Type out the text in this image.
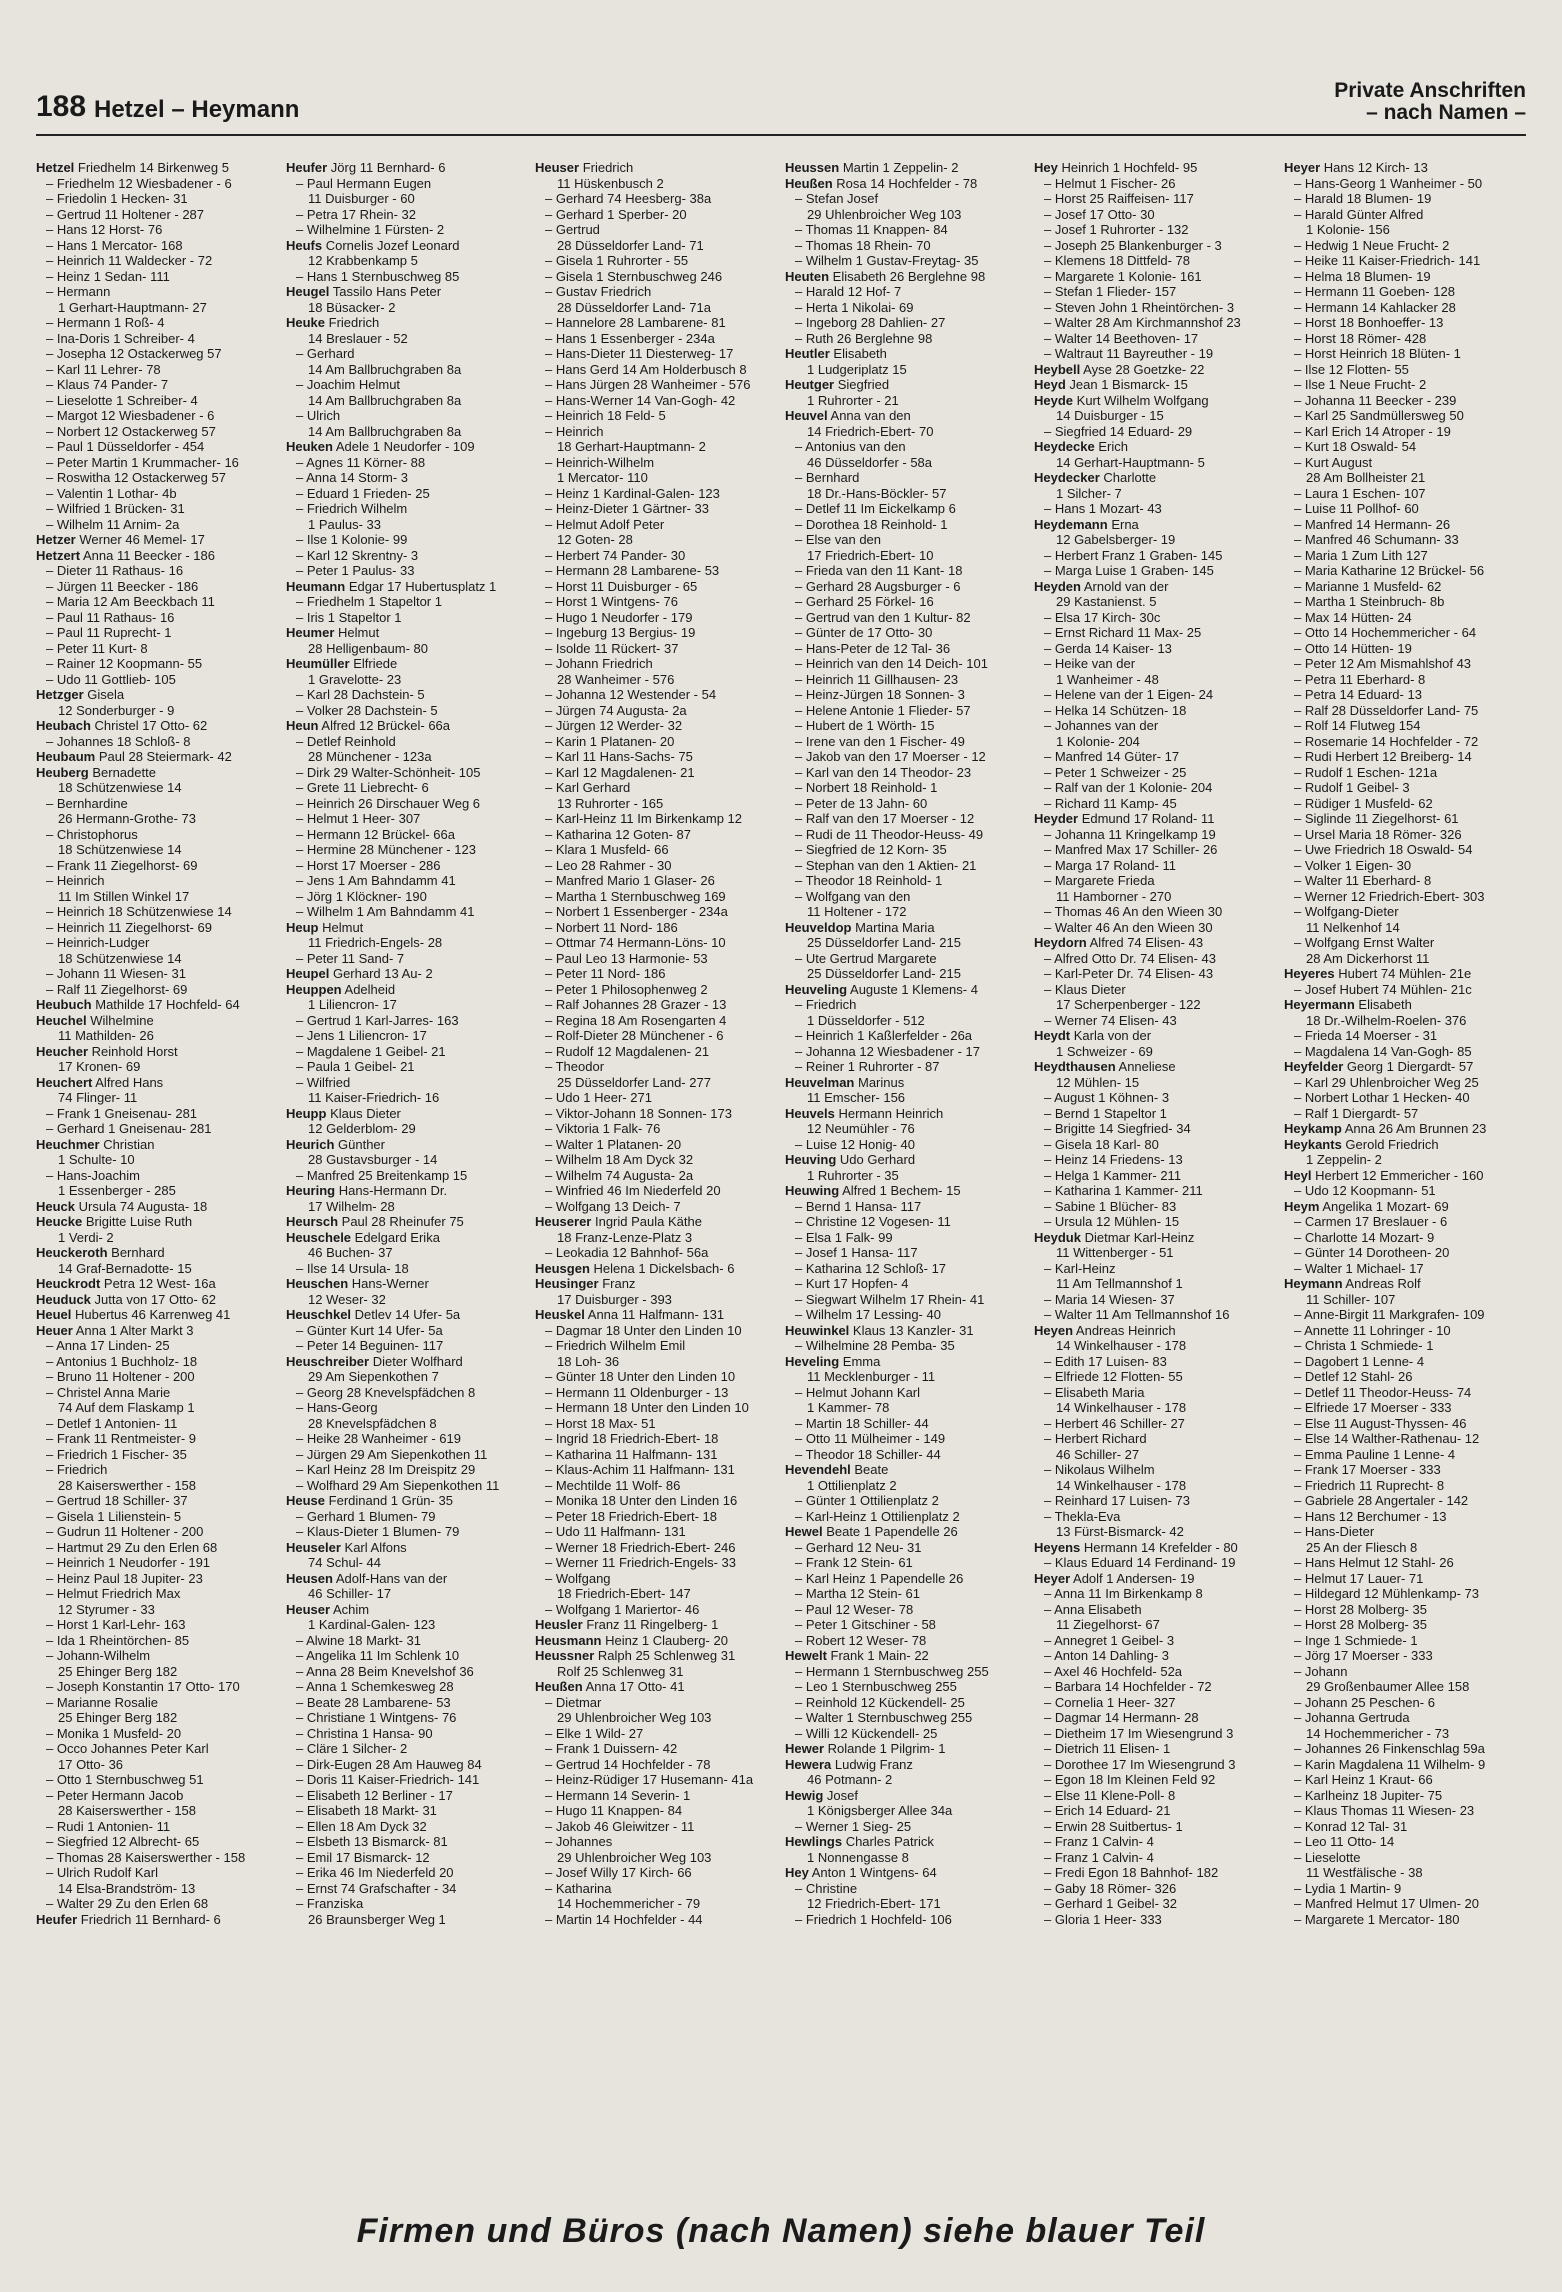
188 Hetzel – Heymann
Private Anschriften
– nach Namen –
Hetzel Friedhelm 14 Birkenweg 5
– Friedhelm 12 Wiesbadener - 6
– Friedolin 1 Hecken- 31
– Gertrud 11 Holtener - 287
– Hans 12 Horst- 76
– Hans 1 Mercator- 168
– Heinrich 11 Waldecker - 72
– Heinz 1 Sedan- 111
– Hermann
1 Gerhart-Hauptmann- 27
– Hermann 1 Roß- 4
– Ina-Doris 1 Schreiber- 4
– Josepha 12 Ostackerweg 57
– Karl 11 Lehrer- 78
– Klaus 74 Pander- 7
– Lieselotte 1 Schreiber- 4
– Margot 12 Wiesbadener - 6
– Norbert 12 Ostackerweg 57
– Paul 1 Düsseldorfer - 454
– Peter Martin 1 Krummacher- 16
– Roswitha 12 Ostackerweg 57
– Valentin 1 Lothar- 4b
– Wilfried 1 Brücken- 31
– Wilhelm 11 Arnim- 2a
Hetzer Werner 46 Memel- 17
Hetzert Anna 11 Beecker - 186
– Dieter 11 Rathaus- 16
– Jürgen 11 Beecker - 186
– Maria 12 Am Beeckbach 11
– Paul 11 Rathaus- 16
– Paul 11 Ruprecht- 1
– Peter 11 Kurt- 8
– Rainer 12 Koopmann- 55
– Udo 11 Gottlieb- 105
Hetzger Gisela
12 Sonderburger - 9
Heubach Christel 17 Otto- 62
– Johannes 18 Schloß- 8
Heubaum Paul 28 Steiermark- 42
Heuberg Bernadette
18 Schützenwiese 14
– Bernhardine
26 Hermann-Grothe- 73
– Christophorus
18 Schützenwiese 14
– Frank 11 Ziegelhorst- 69
– Heinrich
11 Im Stillen Winkel 17
– Heinrich 18 Schützenwiese 14
– Heinrich 11 Ziegelhorst- 69
– Heinrich-Ludger
18 Schützenwiese 14
– Johann 11 Wiesen- 31
– Ralf 11 Ziegelhorst- 69
Heubuch Mathilde 17 Hochfeld- 64
Heuchel Wilhelmine
11 Mathilden- 26
Heucher Reinhold Horst
17 Kronen- 69
Heuchert Alfred Hans
74 Flinger- 11
– Frank 1 Gneisenau- 281
– Gerhard 1 Gneisenau- 281
Heuchmer Christian
1 Schulte- 10
– Hans-Joachim
1 Essenberger - 285
Heuck Ursula 74 Augusta- 18
Heucke Brigitte Luise Ruth
1 Verdi- 2
Heuckeroth Bernhard
14 Graf-Bernadotte- 15
Heuckrodt Petra 12 West- 16a
Heuduck Jutta von 17 Otto- 62
Heuel Hubertus 46 Karrenweg 41
Heuer Anna 1 Alter Markt 3
– Anna 17 Linden- 25
– Antonius 1 Buchholz- 18
– Bruno 11 Holtener - 200
– Christel Anna Marie
74 Auf dem Flaskamp 1
– Detlef 1 Antonien- 11
– Frank 11 Rentmeister- 9
– Friedrich 1 Fischer- 35
– Friedrich
28 Kaiserswerther - 158
– Gertrud 18 Schiller- 37
– Gisela 1 Lilienstein- 5
– Gudrun 11 Holtener - 200
– Hartmut 29 Zu den Erlen 68
– Heinrich 1 Neudorfer - 191
– Heinz Paul 18 Jupiter- 23
– Helmut Friedrich Max
12 Styrumer - 33
– Horst 1 Karl-Lehr- 163
– Ida 1 Rheintörchen- 85
– Johann-Wilhelm
25 Ehinger Berg 182
– Joseph Konstantin 17 Otto- 170
– Marianne Rosalie
25 Ehinger Berg 182
– Monika 1 Musfeld- 20
– Occo Johannes Peter Karl
17 Otto- 36
– Otto 1 Sternbuschweg 51
– Peter Hermann Jacob
28 Kaiserswerther - 158
– Rudi 1 Antonien- 11
– Siegfried 12 Albrecht- 65
– Thomas 28 Kaiserswerther - 158
– Ulrich Rudolf Karl
14 Elsa-Brandström- 13
– Walter 29 Zu den Erlen 68
Heufer Friedrich 11 Bernhard- 6
Heufer Jörg 11 Bernhard- 6
– Paul Hermann Eugen
11 Duisburger - 60
– Petra 17 Rhein- 32
– Wilhelmine 1 Fürsten- 2
Heufs Cornelis Jozef Leonard
12 Krabbenkamp 5
– Hans 1 Sternbuschweg 85
Heugel Tassilo Hans Peter
18 Büsacker- 2
Heuke Friedrich
14 Breslauer - 52
– Gerhard
14 Am Ballbruchgraben 8a
– Joachim Helmut
14 Am Ballbruchgraben 8a
– Ulrich
14 Am Ballbruchgraben 8a
Heuken Adele 1 Neudorfer - 109
– Agnes 11 Körner- 88
– Anna 14 Storm- 3
– Eduard 1 Frieden- 25
– Friedrich Wilhelm
1 Paulus- 33
– Ilse 1 Kolonie- 99
– Karl 12 Skrentny- 3
– Peter 1 Paulus- 33
Heumann Edgar 17 Hubertusplatz 1
– Friedhelm 1 Stapeltor 1
– Iris 1 Stapeltor 1
Heumer Helmut
28 Helligenbaum- 80
Heumüller Elfriede
1 Gravelotte- 23
– Karl 28 Dachstein- 5
– Volker 28 Dachstein- 5
Heun Alfred 12 Brückel- 66a
– Detlef Reinhold
28 Münchener - 123a
– Dirk 29 Walter-Schönheit- 105
– Grete 11 Liebrecht- 6
– Heinrich 26 Dirschauer Weg 6
– Helmut 1 Heer- 307
– Hermann 12 Brückel- 66a
– Hermine 28 Münchener - 123
– Horst 17 Moerser - 286
– Jens 1 Am Bahndamm 41
– Jörg 1 Klöckner- 190
– Wilhelm 1 Am Bahndamm 41
Heup Helmut
11 Friedrich-Engels- 28
– Peter 11 Sand- 7
Heupel Gerhard 13 Au- 2
Heuppen Adelheid
1 Liliencron- 17
– Gertrud 1 Karl-Jarres- 163
– Jens 1 Liliencron- 17
– Magdalene 1 Geibel- 21
– Paula 1 Geibel- 21
– Wilfried
11 Kaiser-Friedrich- 16
Heupp Klaus Dieter
12 Gelderblom- 29
Heurich Günther
28 Gustavsburger - 14
– Manfred 25 Breitenkamp 15
Heuring Hans-Hermann Dr.
17 Wilhelm- 28
Heursch Paul 28 Rheinufer 75
Heuschele Edelgard Erika
46 Buchen- 37
– Ilse 14 Ursula- 18
Heuschen Hans-Werner
12 Weser- 32
Heuschkel Detlev 14 Ufer- 5a
– Günter Kurt 14 Ufer- 5a
– Peter 14 Beguinen- 117
Heuschreiber Dieter Wolfhard
29 Am Siepenkothen 7
– Georg 28 Knevelspfädchen 8
– Hans-Georg
28 Knevelspfädchen 8
– Heike 28 Wanheimer - 619
– Jürgen 29 Am Siepenkothen 11
– Karl Heinz 28 Im Dreispitz 29
– Wolfhard 29 Am Siepenkothen 11
Heuse Ferdinand 1 Grün- 35
– Gerhard 1 Blumen- 79
– Klaus-Dieter 1 Blumen- 79
Heuseler Karl Alfons
74 Schul- 44
Heusen Adolf-Hans van der
46 Schiller- 17
Heuser Achim
1 Kardinal-Galen- 123
– Alwine 18 Markt- 31
– Angelika 11 Im Schlenk 10
– Anna 28 Beim Knevelshof 36
– Anna 1 Schemkesweg 28
– Beate 28 Lambarene- 53
– Christiane 1 Wintgens- 76
– Christina 1 Hansa- 90
– Cläre 1 Silcher- 2
– Dirk-Eugen 28 Am Hauweg 84
– Doris 11 Kaiser-Friedrich- 141
– Elisabeth 12 Berliner - 17
– Elisabeth 18 Markt- 31
– Ellen 18 Am Dyck 32
– Elsbeth 13 Bismarck- 81
– Emil 17 Bismarck- 12
– Erika 46 Im Niederfeld 20
– Ernst 74 Grafschafter - 34
– Franziska
26 Braunsberger Weg 1
Heuser Friedrich
11 Hüskenbusch 2
– Gerhard 74 Heesberg- 38a
– Gerhard 1 Sperber- 20
– Gertrud
28 Düsseldorfer Land- 71
– Gisela 1 Ruhrorter - 55
– Gisela 1 Sternbuschweg 246
– Gustav Friedrich
28 Düsseldorfer Land- 71a
– Hannelore 28 Lambarene- 81
– Hans 1 Essenberger - 234a
– Hans-Dieter 11 Diesterweg- 17
– Hans Gerd 14 Am Holderbusch 8
– Hans Jürgen 28 Wanheimer - 576
– Hans-Werner 14 Van-Gogh- 42
– Heinrich 18 Feld- 5
– Heinrich
18 Gerhart-Hauptmann- 2
– Heinrich-Wilhelm
1 Mercator- 110
– Heinz 1 Kardinal-Galen- 123
– Heinz-Dieter 1 Gärtner- 33
– Helmut Adolf Peter
12 Goten- 28
– Herbert 74 Pander- 30
– Hermann 28 Lambarene- 53
– Horst 11 Duisburger - 65
– Horst 1 Wintgens- 76
– Hugo 1 Neudorfer - 179
– Ingeburg 13 Bergius- 19
– Isolde 11 Rückert- 37
– Johann Friedrich
28 Wanheimer - 576
– Johanna 12 Westender - 54
– Jürgen 74 Augusta- 2a
– Jürgen 12 Werder- 32
– Karin 1 Platanen- 20
– Karl 11 Hans-Sachs- 75
– Karl 12 Magdalenen- 21
– Karl Gerhard
13 Ruhrorter - 165
– Karl-Heinz 11 Im Birkenkamp 12
– Katharina 12 Goten- 87
– Klara 1 Musfeld- 66
– Leo 28 Rahmer - 30
– Manfred Mario 1 Glaser- 26
– Martha 1 Sternbuschweg 169
– Norbert 1 Essenberger - 234a
– Norbert 11 Nord- 186
– Ottmar 74 Hermann-Löns- 10
– Paul Leo 13 Harmonie- 53
– Peter 11 Nord- 186
– Peter 1 Philosophenweg 2
– Ralf Johannes 28 Grazer - 13
– Regina 18 Am Rosengarten 4
– Rolf-Dieter 28 Münchener - 6
– Rudolf 12 Magdalenen- 21
– Theodor
25 Düsseldorfer Land- 277
– Udo 1 Heer- 271
– Viktor-Johann 18 Sonnen- 173
– Viktoria 1 Falk- 76
– Walter 1 Platanen- 20
– Wilhelm 18 Am Dyck 32
– Wilhelm 74 Augusta- 2a
– Winfried 46 Im Niederfeld 20
– Wolfgang 13 Deich- 7
Heuserer Ingrid Paula Käthe
18 Franz-Lenze-Platz 3
– Leokadia 12 Bahnhof- 56a
Heusgen Helena 1 Dickelsbach- 6
Heusinger Franz
17 Duisburger - 393
Heuskel Anna 11 Halfmann- 131
– Dagmar 18 Unter den Linden 10
– Friedrich Wilhelm Emil
18 Loh- 36
– Günter 18 Unter den Linden 10
– Hermann 11 Oldenburger - 13
– Hermann 18 Unter den Linden 10
– Horst 18 Max- 51
– Ingrid 18 Friedrich-Ebert- 18
– Katharina 11 Halfmann- 131
– Klaus-Achim 11 Halfmann- 131
– Mechtilde 11 Wolf- 86
– Monika 18 Unter den Linden 16
– Peter 18 Friedrich-Ebert- 18
– Udo 11 Halfmann- 131
– Werner 18 Friedrich-Ebert- 246
– Werner 11 Friedrich-Engels- 33
– Wolfgang
18 Friedrich-Ebert- 147
– Wolfgang 1 Mariertor- 46
Heusler Franz 11 Ringelberg- 1
Heusmann Heinz 1 Clauberg- 20
Heussner Ralph 25 Schlenweg 31
Rolf 25 Schlenweg 31
Heußen Anna 17 Otto- 41
– Dietmar
29 Uhlenbroicher Weg 103
– Elke 1 Wild- 27
– Frank 1 Duissern- 42
– Gertrud 14 Hochfelder - 78
– Heinz-Rüdiger 17 Husemann- 41a
– Hermann 14 Severin- 1
– Hugo 11 Knappen- 84
– Jakob 46 Gleiwitzer - 11
– Johannes
29 Uhlenbroicher Weg 103
– Josef Willy 17 Kirch- 66
– Katharina
14 Hochemmericher - 79
– Martin 14 Hochfelder - 44
Heussen Martin 1 Zeppelin- 2
Heußen Rosa 14 Hochfelder - 78
– Stefan Josef
29 Uhlenbroicher Weg 103
– Thomas 11 Knappen- 84
– Thomas 18 Rhein- 70
– Wilhelm 1 Gustav-Freytag- 35
Heuten Elisabeth 26 Berglehne 98
– Harald 12 Hof- 7
– Herta 1 Nikolai- 69
– Ingeborg 28 Dahlien- 27
– Ruth 26 Berglehne 98
Heutler Elisabeth
1 Ludgeriplatz 15
Heutger Siegfried
1 Ruhrorter - 21
Heuvel Anna van den
14 Friedrich-Ebert- 70
– Antonius van den
46 Düsseldorfer - 58a
– Bernhard
18 Dr.-Hans-Böckler- 57
– Detlef 11 Im Eickelkamp 6
– Dorothea 18 Reinhold- 1
– Else van den
17 Friedrich-Ebert- 10
– Frieda van den 11 Kant- 18
– Gerhard 28 Augsburger - 6
– Gerhard 25 Förkel- 16
– Gertrud van den 1 Kultur- 82
– Günter de 17 Otto- 30
– Hans-Peter de 12 Tal- 36
– Heinrich van den 14 Deich- 101
– Heinrich 11 Gillhausen- 23
– Heinz-Jürgen 18 Sonnen- 3
– Helene Antonie 1 Flieder- 57
– Hubert de 1 Wörth- 15
– Irene van den 1 Fischer- 49
– Jakob van den 17 Moerser - 12
– Karl van den 14 Theodor- 23
– Norbert 18 Reinhold- 1
– Peter de 13 Jahn- 60
– Ralf van den 17 Moerser - 12
– Rudi de 11 Theodor-Heuss- 49
– Siegfried de 12 Korn- 35
– Stephan van den 1 Aktien- 21
– Theodor 18 Reinhold- 1
– Wolfgang van den
11 Holtener - 172
Heuveldop Martina Maria
25 Düsseldorfer Land- 215
– Ute Gertrud Margarete
25 Düsseldorfer Land- 215
Heuveling Auguste 1 Klemens- 4
– Friedrich
1 Düsseldorfer - 512
– Heinrich 1 Kaßlerfelder - 26a
– Johanna 12 Wiesbadener - 17
– Reiner 1 Ruhrorter - 87
Heuvelman Marinus
11 Emscher- 156
Heuvels Hermann Heinrich
12 Neumühler - 76
– Luise 12 Honig- 40
Heuving Udo Gerhard
1 Ruhrorter - 35
Heuwing Alfred 1 Bechem- 15
– Bernd 1 Hansa- 117
– Christine 12 Vogesen- 11
– Elsa 1 Falk- 99
– Josef 1 Hansa- 117
– Katharina 12 Schloß- 17
– Kurt 17 Hopfen- 4
– Siegwart Wilhelm 17 Rhein- 41
– Wilhelm 17 Lessing- 40
Heuwinkel Klaus 13 Kanzler- 31
– Wilhelmine 28 Pemba- 35
Heveling Emma
11 Mecklenburger - 11
– Helmut Johann Karl
1 Kammer- 78
– Martin 18 Schiller- 44
– Otto 11 Mülheimer - 149
– Theodor 18 Schiller- 44
Hevendehl Beate
1 Ottilienplatz 2
– Günter 1 Ottilienplatz 2
– Karl-Heinz 1 Ottilienplatz 2
Hewel Beate 1 Papendelle 26
– Gerhard 12 Neu- 31
– Frank 12 Stein- 61
– Karl Heinz 1 Papendelle 26
– Martha 12 Stein- 61
– Paul 12 Weser- 78
– Peter 1 Gitschiner - 58
– Robert 12 Weser- 78
Hewelt Frank 1 Main- 22
– Hermann 1 Sternbuschweg 255
– Leo 1 Sternbuschweg 255
– Reinhold 12 Kückendell- 25
– Walter 1 Sternbuschweg 255
– Willi 12 Kückendell- 25
Hewer Rolande 1 Pilgrim- 1
Hewera Ludwig Franz
46 Potmann- 2
Hewig Josef
1 Königsberger Allee 34a
– Werner 1 Sieg- 25
Hewlings Charles Patrick
1 Nonnengasse 8
Hey Anton 1 Wintgens- 64
– Christine
12 Friedrich-Ebert- 171
– Friedrich 1 Hochfeld- 106
Hey Heinrich 1 Hochfeld- 95
– Helmut 1 Fischer- 26
– Horst 25 Raiffeisen- 117
– Josef 17 Otto- 30
– Josef 1 Ruhrorter - 132
– Joseph 25 Blankenburger - 3
– Klemens 18 Dittfeld- 78
– Margarete 1 Kolonie- 161
– Stefan 1 Flieder- 157
– Steven John 1 Rheintörchen- 3
– Walter 28 Am Kirchmannshof 23
– Walter 14 Beethoven- 17
– Waltraut 11 Bayreuther - 19
Heybell Ayse 28 Goetzke- 22
Heyd Jean 1 Bismarck- 15
Heyde Kurt Wilhelm Wolfgang
14 Duisburger - 15
– Siegfried 14 Eduard- 29
Heydecke Erich
14 Gerhart-Hauptmann- 5
Heydecker Charlotte
1 Silcher- 7
– Hans 1 Mozart- 43
Heydemann Erna
12 Gabelsberger- 19
– Herbert Franz 1 Graben- 145
– Marga Luise 1 Graben- 145
Heyden Arnold van der
29 Kastanienst. 5
– Elsa 17 Kirch- 30c
– Ernst Richard 11 Max- 25
– Gerda 14 Kaiser- 13
– Heike van der
1 Wanheimer - 48
– Helene van der 1 Eigen- 24
– Helka 14 Schützen- 18
– Johannes van der
1 Kolonie- 204
– Manfred 14 Güter- 17
– Peter 1 Schweizer - 25
– Ralf van der 1 Kolonie- 204
– Richard 11 Kamp- 45
Heyder Edmund 17 Roland- 11
– Johanna 11 Kringelkamp 19
– Manfred Max 17 Schiller- 26
– Marga 17 Roland- 11
– Margarete Frieda
11 Hamborner - 270
– Thomas 46 An den Wieen 30
– Walter 46 An den Wieen 30
Heydorn Alfred 74 Elisen- 43
– Alfred Otto Dr. 74 Elisen- 43
– Karl-Peter Dr. 74 Elisen- 43
– Klaus Dieter
17 Scherpenberger - 122
– Werner 74 Elisen- 43
Heydt Karla von der
1 Schweizer - 69
Heydthausen Anneliese
12 Mühlen- 15
– August 1 Köhnen- 3
– Bernd 1 Stapeltor 1
– Brigitte 14 Siegfried- 34
– Gisela 18 Karl- 80
– Heinz 14 Friedens- 13
– Helga 1 Kammer- 211
– Katharina 1 Kammer- 211
– Sabine 1 Blücher- 83
– Ursula 12 Mühlen- 15
Heyduk Dietmar Karl-Heinz
11 Wittenberger - 51
– Karl-Heinz
11 Am Tellmannshof 1
– Maria 14 Wiesen- 37
– Walter 11 Am Tellmannshof 16
Heyen Andreas Heinrich
14 Winkelhauser - 178
– Edith 17 Luisen- 83
– Elfriede 12 Flotten- 55
– Elisabeth Maria
14 Winkelhauser - 178
– Herbert 46 Schiller- 27
– Herbert Richard
46 Schiller- 27
– Nikolaus Wilhelm
14 Winkelhauser - 178
– Reinhard 17 Luisen- 73
– Thekla-Eva
13 Fürst-Bismarck- 42
Heyens Hermann 14 Krefelder - 80
– Klaus Eduard 14 Ferdinand- 19
Heyer Adolf 1 Andersen- 19
– Anna 11 Im Birkenkamp 8
– Anna Elisabeth
11 Ziegelhorst- 67
– Annegret 1 Geibel- 3
– Anton 14 Dahling- 3
– Axel 46 Hochfeld- 52a
– Barbara 14 Hochfelder - 72
– Cornelia 1 Heer- 327
– Dagmar 14 Hermann- 28
– Dietheim 17 Im Wiesengrund 3
– Dietrich 11 Elisen- 1
– Dorothee 17 Im Wiesengrund 3
– Egon 18 Im Kleinen Feld 92
– Else 11 Klene-Poll- 8
– Erich 14 Eduard- 21
– Erwin 28 Suitbertus- 1
– Franz 1 Calvin- 4
– Franz 1 Calvin- 4
– Fredi Egon 18 Bahnhof- 182
– Gaby 18 Römer- 326
– Gerhard 1 Geibel- 32
– Gloria 1 Heer- 333
Heyer Hans 12 Kirch- 13
– Hans-Georg 1 Wanheimer - 50
– Harald 18 Blumen- 19
– Harald Günter Alfred
1 Kolonie- 156
– Hedwig 1 Neue Frucht- 2
– Heike 11 Kaiser-Friedrich- 141
– Helma 18 Blumen- 19
– Hermann 11 Goeben- 128
– Hermann 14 Kahlacker 28
– Horst 18 Bonhoeffer- 13
– Horst 18 Römer- 428
– Horst Heinrich 18 Blüten- 1
– Ilse 12 Flotten- 55
– Ilse 1 Neue Frucht- 2
– Johanna 11 Beecker - 239
– Karl 25 Sandmüllersweg 50
– Karl Erich 14 Atroper - 19
– Kurt 18 Oswald- 54
– Kurt August
28 Am Bollheister 21
– Laura 1 Eschen- 107
– Luise 11 Pollhof- 60
– Manfred 14 Hermann- 26
– Manfred 46 Schumann- 33
– Maria 1 Zum Lith 127
– Maria Katharine 12 Brückel- 56
– Marianne 1 Musfeld- 62
– Martha 1 Steinbruch- 8b
– Max 14 Hütten- 24
– Otto 14 Hochemmericher - 64
– Otto 14 Hütten- 19
– Peter 12 Am Mismahlshof 43
– Petra 11 Eberhard- 8
– Petra 14 Eduard- 13
– Ralf 28 Düsseldorfer Land- 75
– Rolf 14 Flutweg 154
– Rosemarie 14 Hochfelder - 72
– Rudi Herbert 12 Breiberg- 14
– Rudolf 1 Eschen- 121a
– Rudolf 1 Geibel- 3
– Rüdiger 1 Musfeld- 62
– Siglinde 11 Ziegelhorst- 61
– Ursel Maria 18 Römer- 326
– Uwe Friedrich 18 Oswald- 54
– Volker 1 Eigen- 30
– Walter 11 Eberhard- 8
– Werner 12 Friedrich-Ebert- 303
– Wolfgang-Dieter
11 Nelkenhof 14
– Wolfgang Ernst Walter
28 Am Dickerhorst 11
Heyeres Hubert 74 Mühlen- 21e
– Josef Hubert 74 Mühlen- 21c
Heyermann Elisabeth
18 Dr.-Wilhelm-Roelen- 376
– Frieda 14 Moerser - 31
– Magdalena 14 Van-Gogh- 85
Heyfelder Georg 1 Diergardt- 57
– Karl 29 Uhlenbroicher Weg 25
– Norbert Lothar 1 Hecken- 40
– Ralf 1 Diergardt- 57
Heykamp Anna 26 Am Brunnen 23
Heykants Gerold Friedrich
1 Zeppelin- 2
Heyl Herbert 12 Emmericher - 160
– Udo 12 Koopmann- 51
Heym Angelika 1 Mozart- 69
– Carmen 17 Breslauer - 6
– Charlotte 14 Mozart- 9
– Günter 14 Dorotheen- 20
– Walter 1 Michael- 17
Heymann Andreas Rolf
11 Schiller- 107
– Anne-Birgit 11 Markgrafen- 109
– Annette 11 Lohringer - 10
– Christa 1 Schmiede- 1
– Dagobert 1 Lenne- 4
– Detlef 12 Stahl- 26
– Detlef 11 Theodor-Heuss- 74
– Elfriede 17 Moerser - 333
– Else 11 August-Thyssen- 46
– Else 14 Walther-Rathenau- 12
– Emma Pauline 1 Lenne- 4
– Frank 17 Moerser - 333
– Friedrich 11 Ruprecht- 8
– Gabriele 28 Angertaler - 142
– Hans 12 Berchumer - 13
– Hans-Dieter
25 An der Fliesch 8
– Hans Helmut 12 Stahl- 26
– Helmut 17 Lauer- 71
– Hildegard 12 Mühlenkamp- 73
– Horst 28 Molberg- 35
– Horst 28 Molberg- 35
– Inge 1 Schmiede- 1
– Jörg 17 Moerser - 333
– Johann
29 Großenbaumer Allee 158
– Johann 25 Peschen- 6
– Johanna Gertruda
14 Hochemmericher - 73
– Johannes 26 Finkenschlag 59a
– Karin Magdalena 11 Wilhelm- 9
– Karl Heinz 1 Kraut- 66
– Karlheinz 18 Jupiter- 75
– Klaus Thomas 11 Wiesen- 23
– Konrad 12 Tal- 31
– Leo 11 Otto- 14
– Lieselotte
11 Westfälische - 38
– Lydia 1 Martin- 9
– Manfred Helmut 17 Ulmen- 20
– Margarete 1 Mercator- 180
Firmen und Büros (nach Namen) siehe blauer Teil
